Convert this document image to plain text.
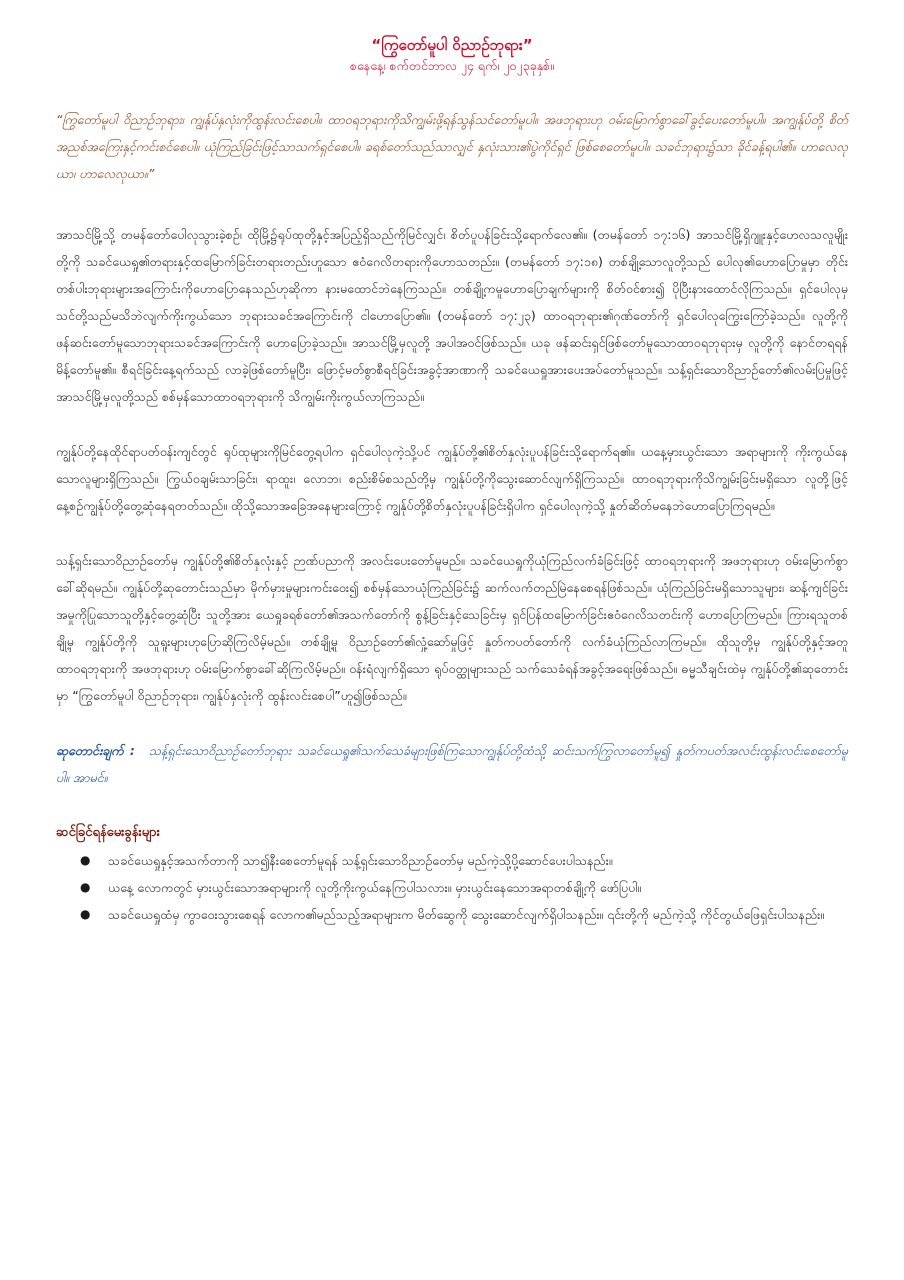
“ကြွတော်မူပါ ဝိညာဉ်ဘုရား”

စနေနေ့၊ စက်တင်ဘာလ ၂၄ ရက်၊ ၂၀၂၃ခုနှစ်။

“ကြွတော်မူပါ ဝိညာဉ်ဘုရား၊ ကျွန်ုပ်နှလုံးကိုထွန်းလင်းစေပါ။ ထာဝရဘုရားကိုသိကျွမ်းဖို့ရန်သွန်သင်တော်မူပါ။ အဖဘုရားဟု ဝမ်းမြောက်စွာခေါ်ခွင့်ပေးတော်မူပါ။ အကျွန်ုပ်တို့ စိတ်အညစ်အကြေးနှင့်ကင်းစင်စေပါ။ ယုံကြည်ခြင်းဖြင့်သာသက်ရှင်စေပါ။ ခရစ်တော်သည်သာလျှင် နှလုံးသား၏ပွဲကိုင်ရှင် ဖြစ်စေတော်မူပါ။ သခင်ဘုရား၌သာ ခိုင်ခန့်ရပါ၏။ ဟာလေလုယာ၊ ဟာလေလုယာ။”

အာသင်မြို့သို့ တမန်တော်ပေါလုသွားခဲ့စဉ်၊ ထိုမြို့၌ရုပ်ထုတို့နှင့်အပြည့်ရှိသည်ကိုမြင်လျှင်၊ စိတ်ပူပန်ခြင်းသို့ရောက်လေ၏။ (တမန်တော် ၁၇:၁၆) အာသင်မြို့ရှိဂျူးနှင့်ဟေလသလူမျိုးတို့ကို သခင်ယေရှု၏တရားနှင့်ထမြောက်ခြင်းတရားတည်းဟူသော ဧဝံဂေလိတရားကိုဟောသတည်း။ (တမန်တော် ၁၇:၁၈) တစ်ချို့သောလူတို့သည် ပေါလု၏ဟောပြောမှုမှာ တိုင်းတစ်ပါးဘုရားများအကြောင်းကိုဟောပြောနေသည်ဟုဆိုကာ နားမထောင်ဘဲနေကြသည်။ တစ်ချို့ကမူဟောပြောချက်များကို စိတ်ဝင်စား၍ ပိုပြီးနားထောင်လိုကြသည်။ ရှင်ပေါလုမှ သင်တို့သည်မသိဘဲလျက်ကိုးကွယ်သော ဘုရားသခင်အကြောင်းကို ငါဟောပြော၏။ (တမန်တော် ၁၇:၂၃) ထာဝရဘုရား၏ဂုဏ်တော်ကို ရှင်ပေါလုကြွေးကြော်ခဲ့သည်။ လူတို့ကိုဖန်ဆင်းတော်မူသောဘုရားသခင်အကြောင်းကို ဟောပြောခဲ့သည်။ အာသင်မြို့မှလူတို့ အပါအဝင်ဖြစ်သည်။ ယခု ဖန်ဆင်းရှင်ဖြစ်တော်မူသောထာဝရဘုရားမှ လူတို့ကို နောင်တရရန်မိန့်တော်မူ၏။ စီရင်ခြင်းနေ့ရက်သည် လာခဲ့ဖြစ်တော်မူပြီး၊ ဖြောင့်မတ်စွာစီရင်ခြင်းအခွင့်အာဏာကို သခင်ယေရှုအားပေးအပ်တော်မူသည်။ သန့်ရှင်းသောဝိညာဉ်တော်၏လမ်းပြမှုဖြင့် အာသင်မြို့မှလူတို့သည် စစ်မှန်သောထာဝရဘုရားကို သိကျွမ်းကိုးကွယ်လာကြသည်။

ကျွန်ုပ်တို့နေထိုင်ရာပတ်ဝန်းကျင်တွင် ရုပ်ထုများကိုမြင်တွေ့ရပါက ရှင်ပေါလုကဲ့သို့ပင် ကျွန်ုပ်တို့၏စိတ်နှလုံးပူပန်ခြင်းသို့ရောက်ရ၏။ ယနေ့မှားယွင်းသော အရာများကို ကိုးကွယ်နေသောလူများရှိကြသည်။ ကြွယ်ဝချမ်းသာခြင်း၊ ရာထူး၊ လောဘ၊ စည်းစိမ်စသည်တို့မှ ကျွန်ုပ်တို့ကိုသွေးဆောင်လျက်ရှိကြသည်။ ထာဝရဘုရားကိုသိကျွမ်းခြင်းမရှိသော လူတို့ဖြင့် နေ့စဉ်ကျွန်ုပ်တို့တွေ့ဆုံနေရတတ်သည်။ ထိုသို့သောအခြေအနေများကြောင့် ကျွန်ုပ်တို့စိတ်နှလုံးပူပန်ခြင်းရှိပါက ရှင်ပေါလုကဲ့သို့ နှုတ်ဆိတ်မနေဘဲဟောပြောကြရမည်။

သန့်ရှင်းသောဝိညာဉ်တော်မှ ကျွန်ုပ်တို့၏စိတ်နှလုံးနှင့် ဉာဏ်ပညာကို အလင်းပေးတော်မူမည်။ သခင်ယေရှုကိုယုံကြည်လက်ခံခြင်းဖြင့် ထာဝရဘုရားကို အဖဘုရားဟု ဝမ်းမြောက်စွာခေါ်ဆိုရမည်။ ကျွန်ုပ်တို့ဆုတောင်းသည်မှာ မိုက်မှားမှုများကင်းဝေး၍ စစ်မှန်သောယုံကြည်ခြင်း၌ ဆက်လက်တည်မြဲနေစေရန်ဖြစ်သည်။ ယုံကြည်ခြင်းမရှိသောသူများ၊ ဆန့်ကျင်ခြင်းအမှုကိုပြုသောသူတို့နှင့်တွေ့ဆုံပြီး သူတို့အား ယေရှုခရစ်တော်၏အသက်တော်ကို စွန့်ခြင်းနှင့်သေခြင်းမှ ရှင်ပြန်ထမြောက်ခြင်းဧဝံဂေလိသတင်းကို ဟောပြောကြမည်။ ကြားရသူတစ်ချို့မှ ကျွန်ုပ်တို့ကို သူရူးများဟုပြောဆိုကြလိမ့်မည်။ တစ်ချို့မူ ဝိညာဉ်တော်၏လှုံ့ဆော်မှုဖြင့် နှုတ်ကပတ်တော်ကို လက်ခံယုံကြည်လာကြမည်။ ထိုသူတို့မှ ကျွန်ုပ်တို့နှင့်အတူ ထာဝရဘုရားကို အဖဘုရားဟု ဝမ်းမြောက်စွာခေါ်ဆိုကြလိမ့်မည်။ ဝန်းရံလျက်ရှိသော ရုပ်ဝတ္ထုများသည် သက်သေခံရန်အခွင့်အရေးဖြစ်သည်။ ဓမ္မသီချင်းထဲမှ ကျွန်ုပ်တို့၏ဆုတောင်းမှာ “ကြွတော်မူပါ ဝိညာဉ်ဘုရား၊ ကျွန်ုပ်နှလုံးကို ထွန်းလင်းစေပါ”ဟူ၍ဖြစ်သည်။

ဆုတောင်းချက် : သန့်ရှင်းသောဝိညာဉ်တော်ဘုရား သခင်ယေရှု၏သက်သေခံများဖြစ်ကြသောကျွန်ုပ်တို့ထံသို့ ဆင်းသက်ကြွလာတော်မူ၍ နှုတ်ကပတ်အလင်းထွန်းလင်းစေတော်မူပါ။ အာမင်။

ဆင်ခြင်ရန်မေးခွန်းများ

● သခင်ယေရှုနှင့်အသက်တာကို သာ၍နီးစေတော်မူရန် သန့်ရှင်းသောဝိညာဉ်တော်မှ မည်ကဲ့သို့ပို့ဆောင်ပေးပါသနည်း။
● ယနေ့ လောကတွင် မှားယွင်းသောအရာများကို လူတို့ကိုးကွယ်နေကြပါသလား။ မှားယွင်းနေသောအရာတစ်ချို့ကို ဖော်ပြပါ။
● သခင်ယေရှုထံမှ ကွာဝေးသွားစေရန် လောက၏မည်သည့်အရာများက မိတ်ဆွေကို သွေးဆောင်လျက်ရှိပါသနည်း။ ၎င်းတို့ကို မည်ကဲ့သို့ ကိုင်တွယ်ဖြေရှင်းပါသနည်း။
